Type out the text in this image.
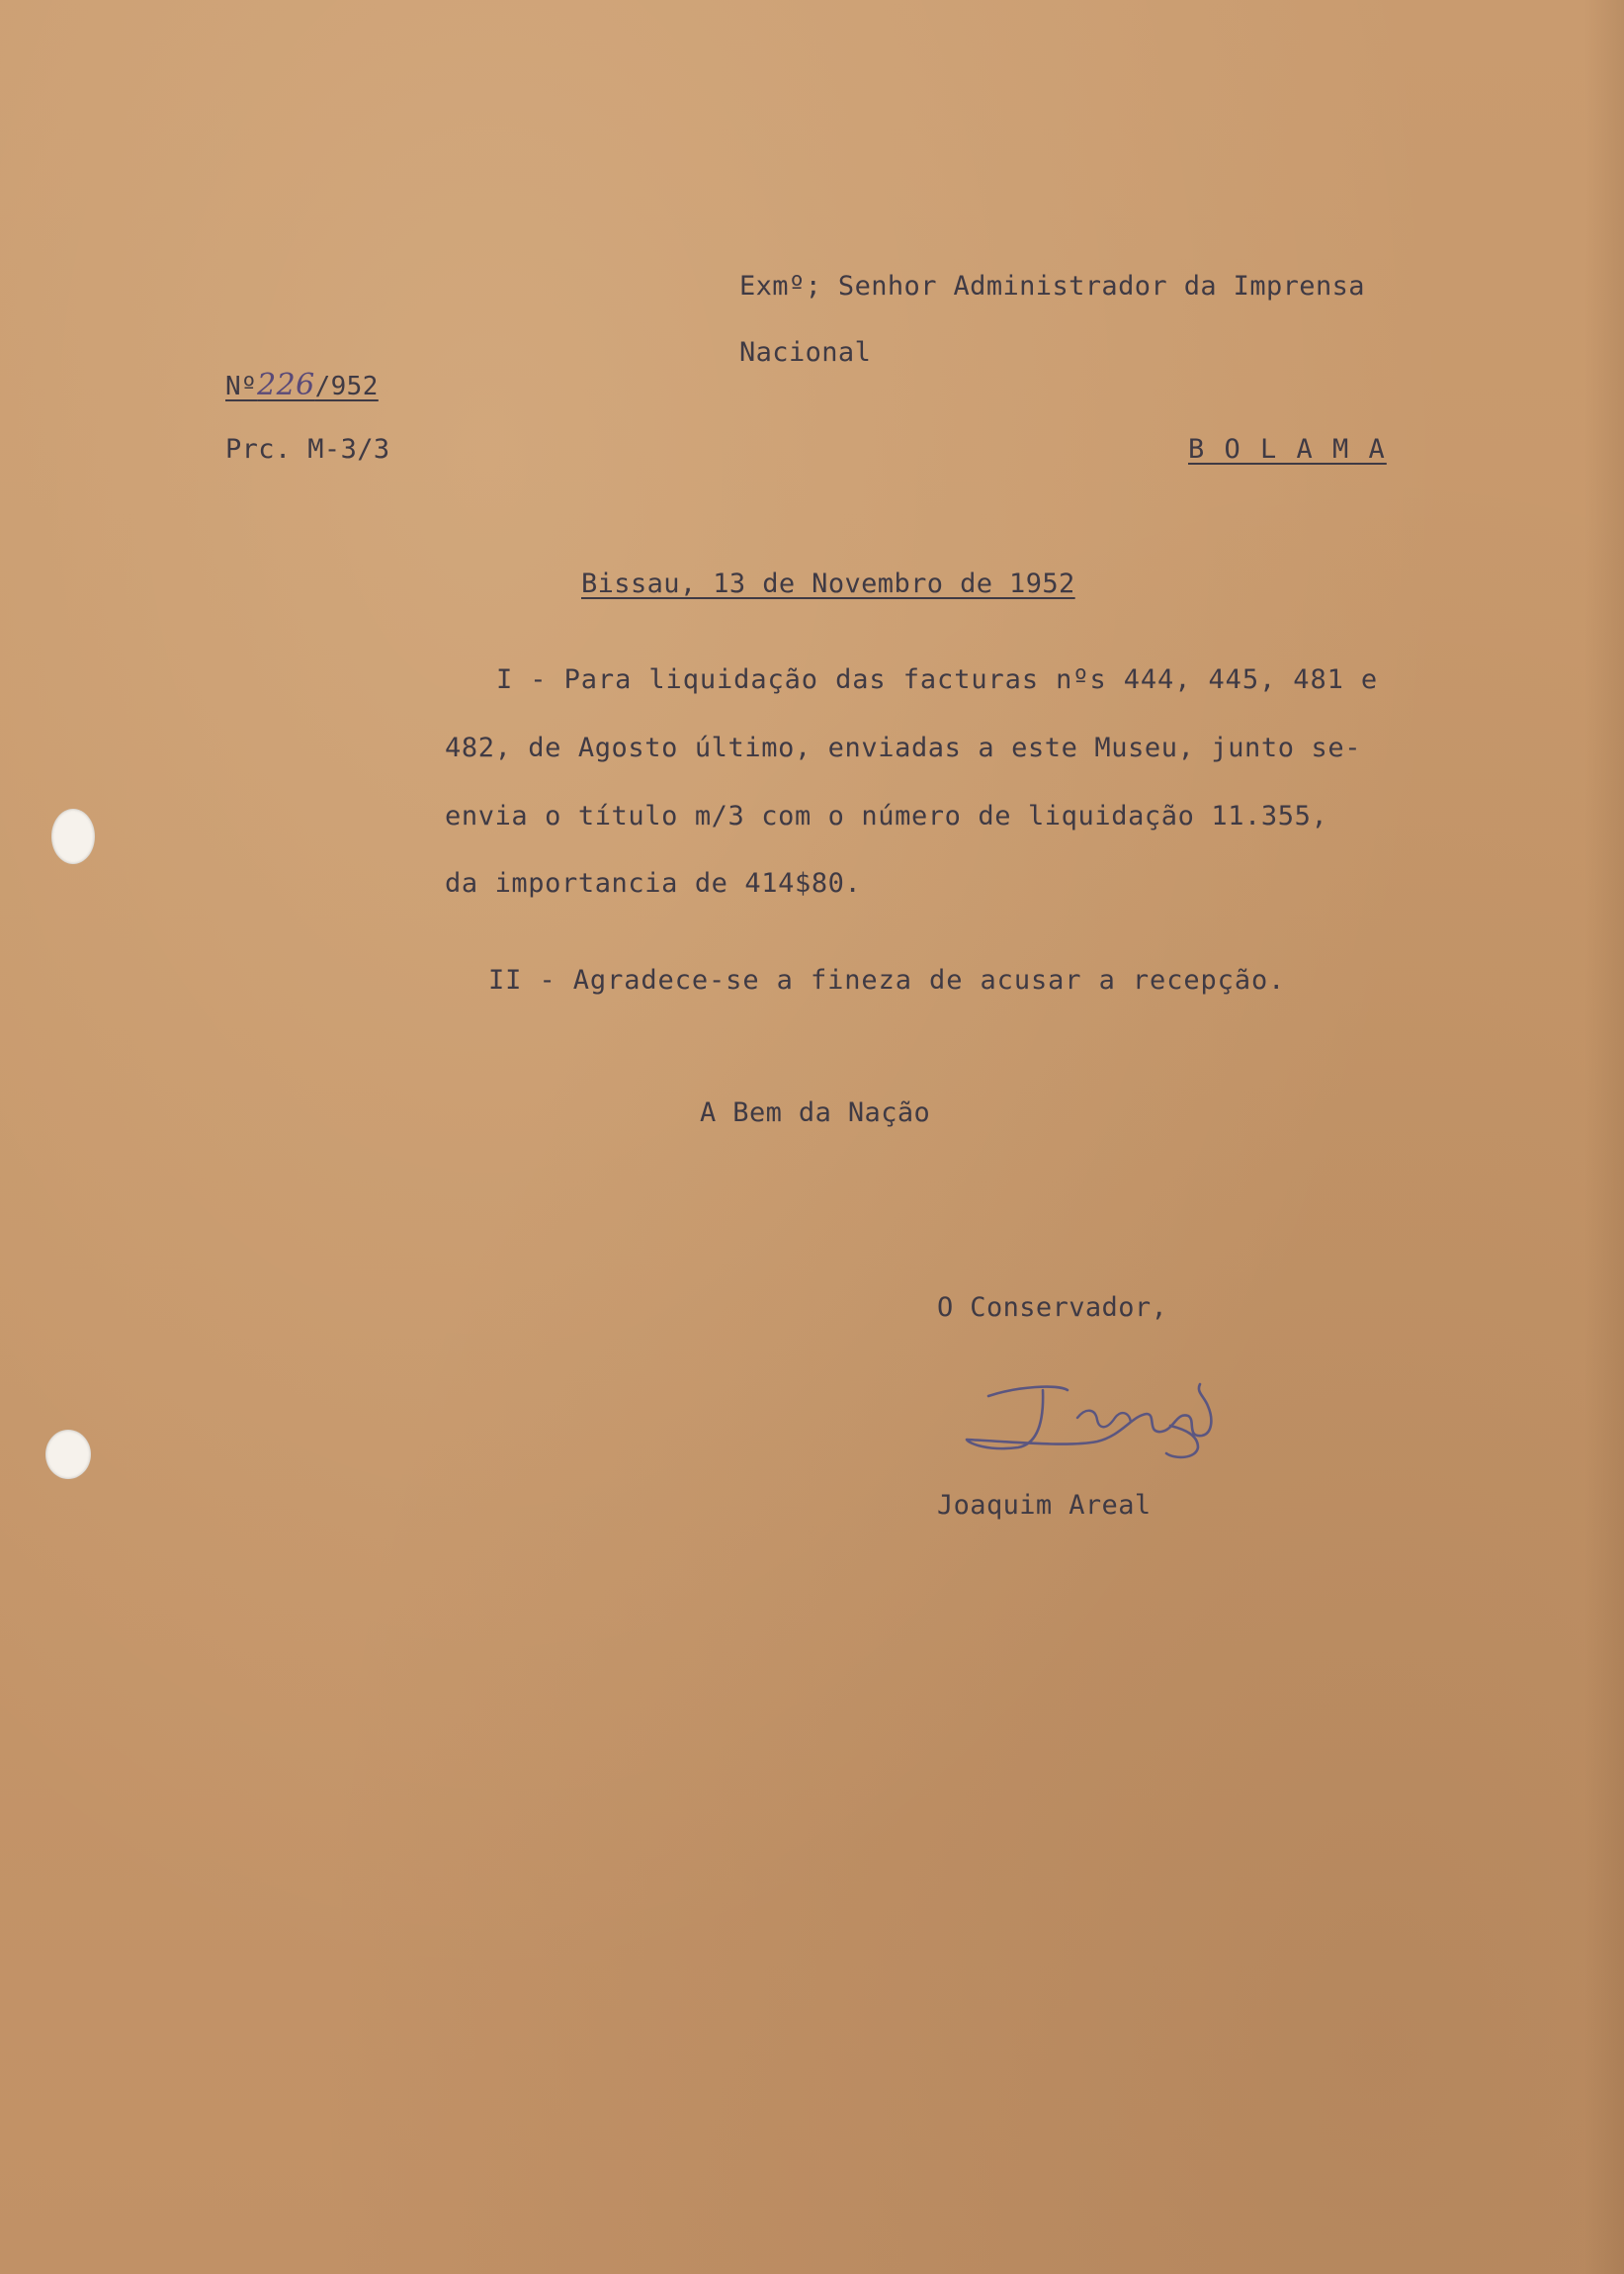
Exmº; Senhor Administrador da Imprensa

Nacional

B O L A M A

Nº226/952

Prc. M-3/3

Bissau, 13 de Novembro de 1952

I - Para liquidação das facturas nºs 444, 445, 481 e

482, de Agosto último, enviadas a este Museu, junto se-

envia o título m/3 com o número de liquidação 11.355,

da importancia de 414$80.

II - Agradece-se a fineza de acusar a recepção.

A Bem da Nação

O Conservador,

Joaquim Areal
